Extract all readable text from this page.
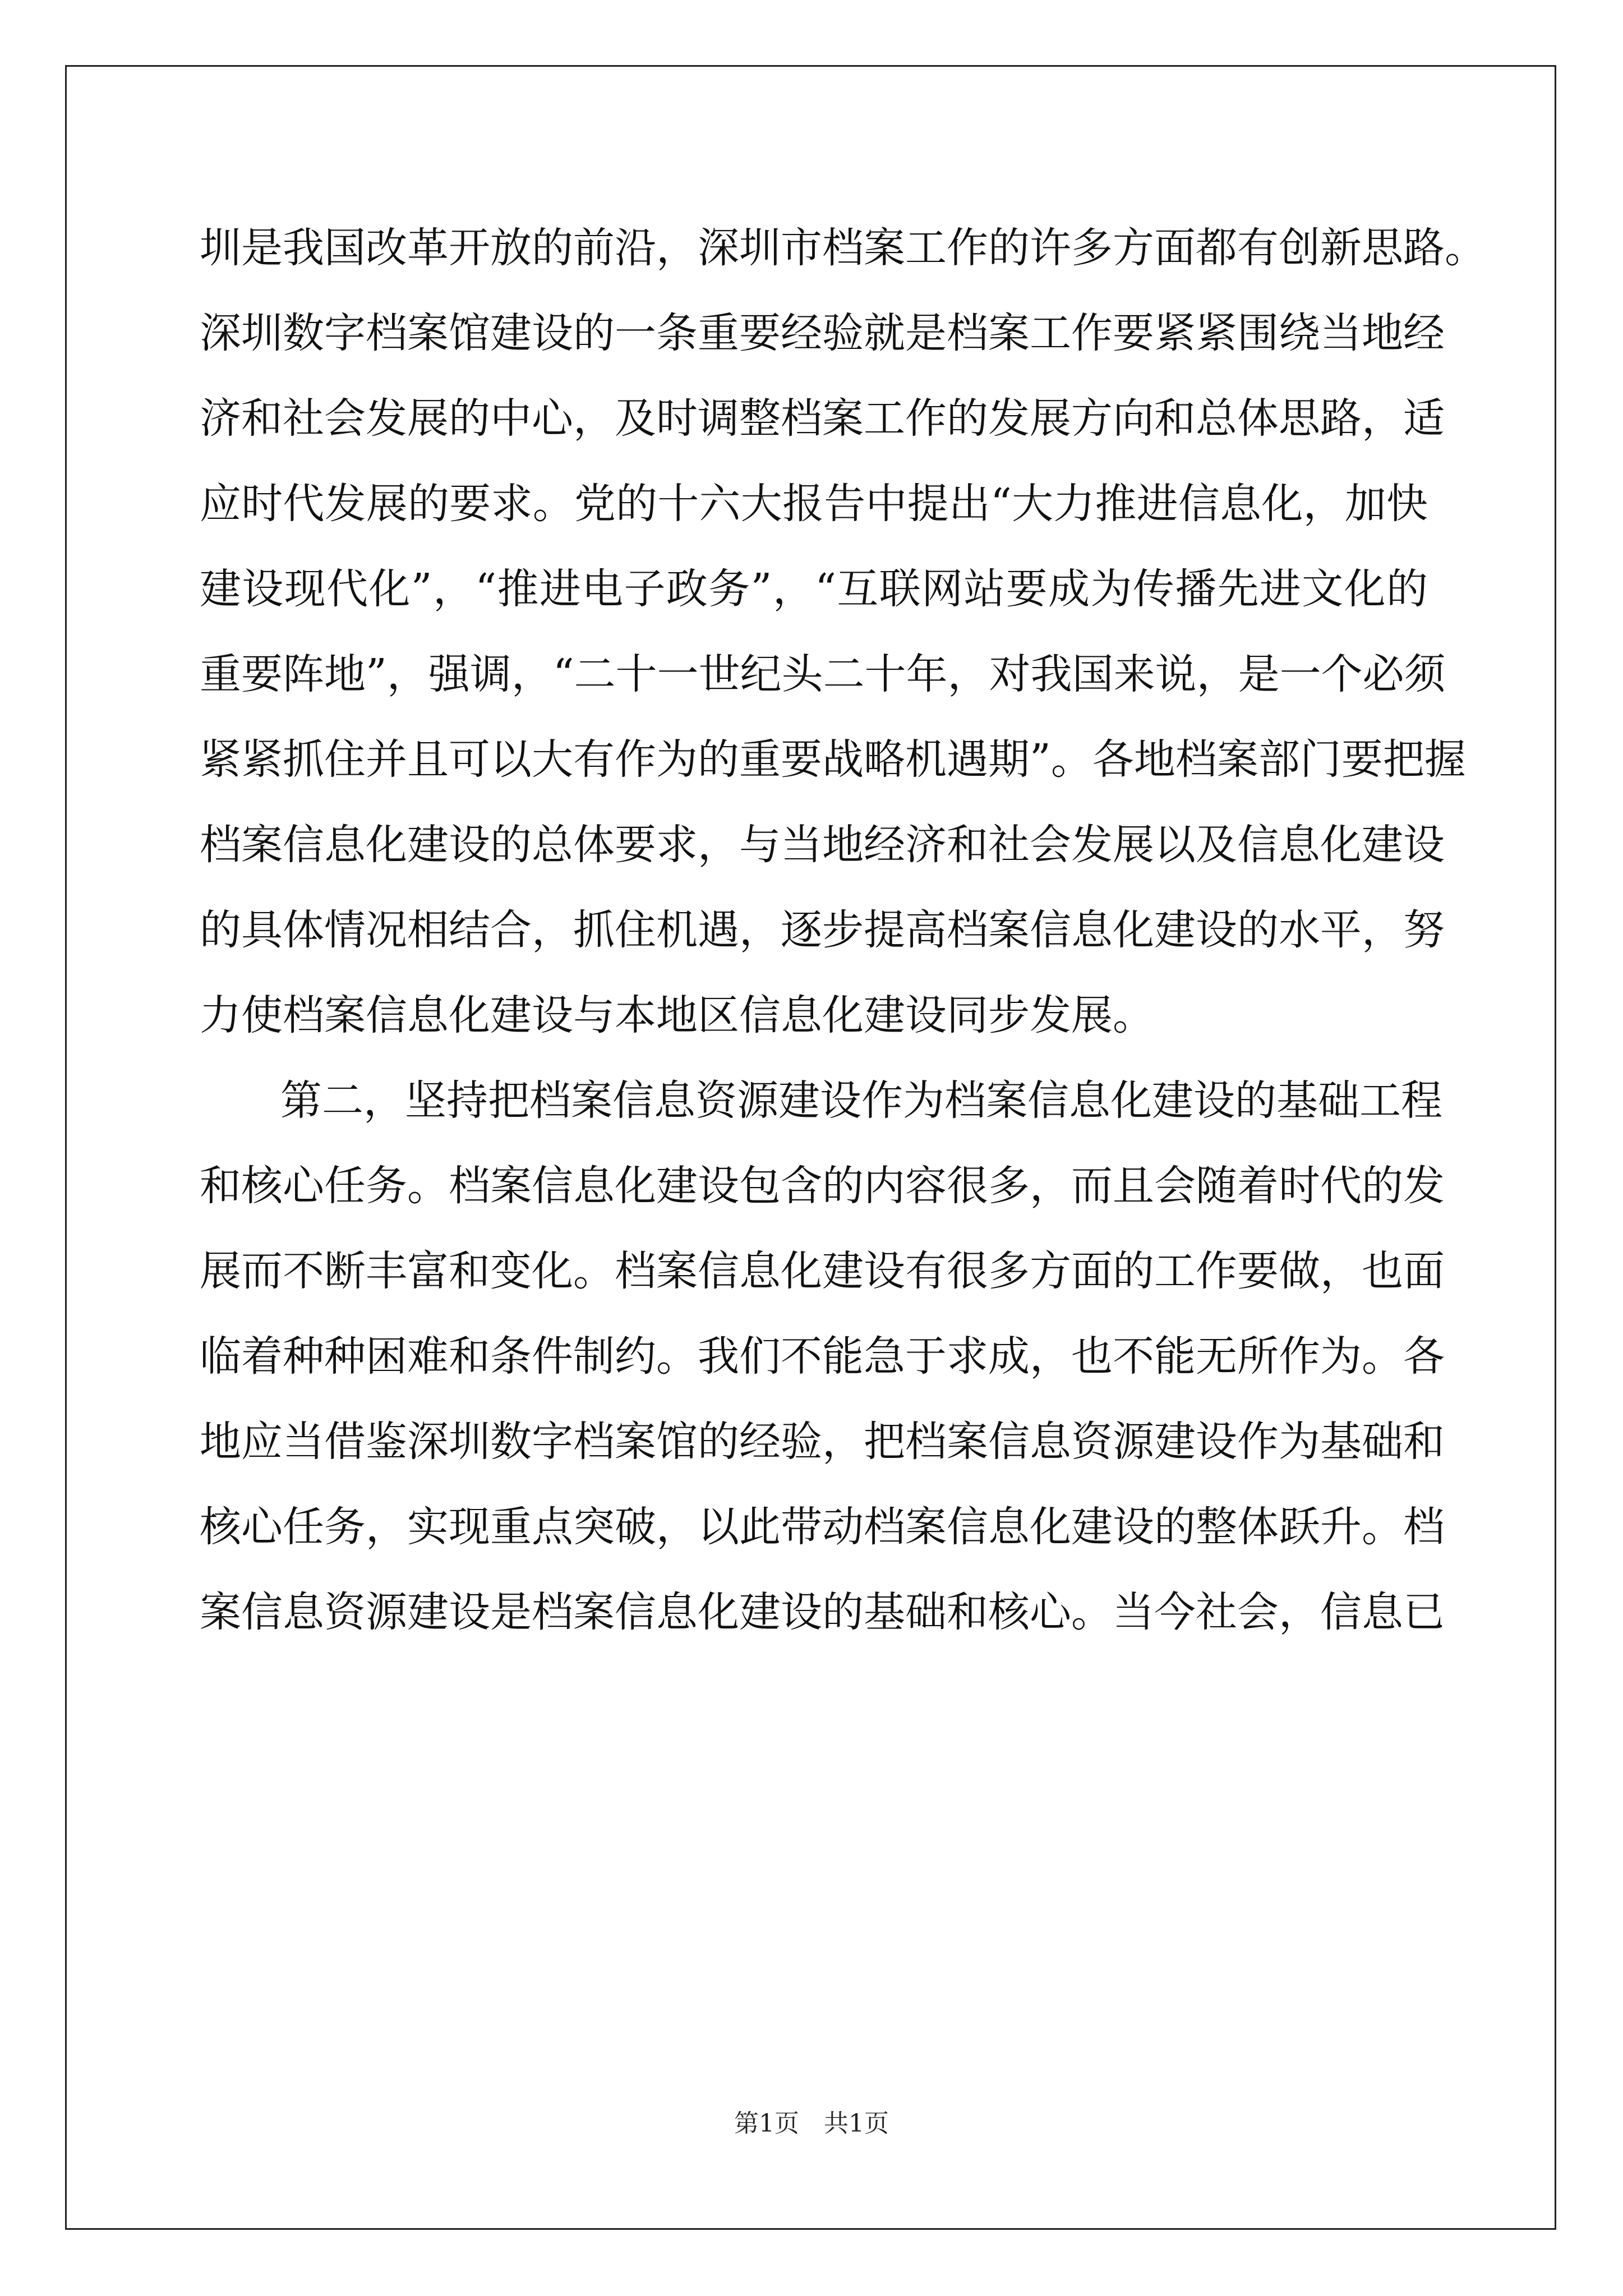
圳是我国改革开放的前沿，深圳市档案工作的许多方面都有创新思路。
深圳数字档案馆建设的一条重要经验就是档案工作要紧紧围绕当地经
济和社会发展的中心，及时调整档案工作的发展方向和总体思路，适
应时代发展的要求。党的十六大报告中提出“大力推进信息化，加快
建设现代化”，“推进电子政务”，“互联网站要成为传播先进文化的
重要阵地”，强调，“二十一世纪头二十年，对我国来说，是一个必须
紧紧抓住并且可以大有作为的重要战略机遇期”。各地档案部门要把握
档案信息化建设的总体要求，与当地经济和社会发展以及信息化建设
的具体情况相结合，抓住机遇，逐步提高档案信息化建设的水平，努
力使档案信息化建设与本地区信息化建设同步发展。
第二，坚持把档案信息资源建设作为档案信息化建设的基础工程
和核心任务。档案信息化建设包含的内容很多，而且会随着时代的发
展而不断丰富和变化。档案信息化建设有很多方面的工作要做，也面
临着种种困难和条件制约。我们不能急于求成，也不能无所作为。各
地应当借鉴深圳数字档案馆的经验，把档案信息资源建设作为基础和
核心任务，实现重点突破，以此带动档案信息化建设的整体跃升。档
案信息资源建设是档案信息化建设的基础和核心。当今社会，信息已
第1页　共1页
